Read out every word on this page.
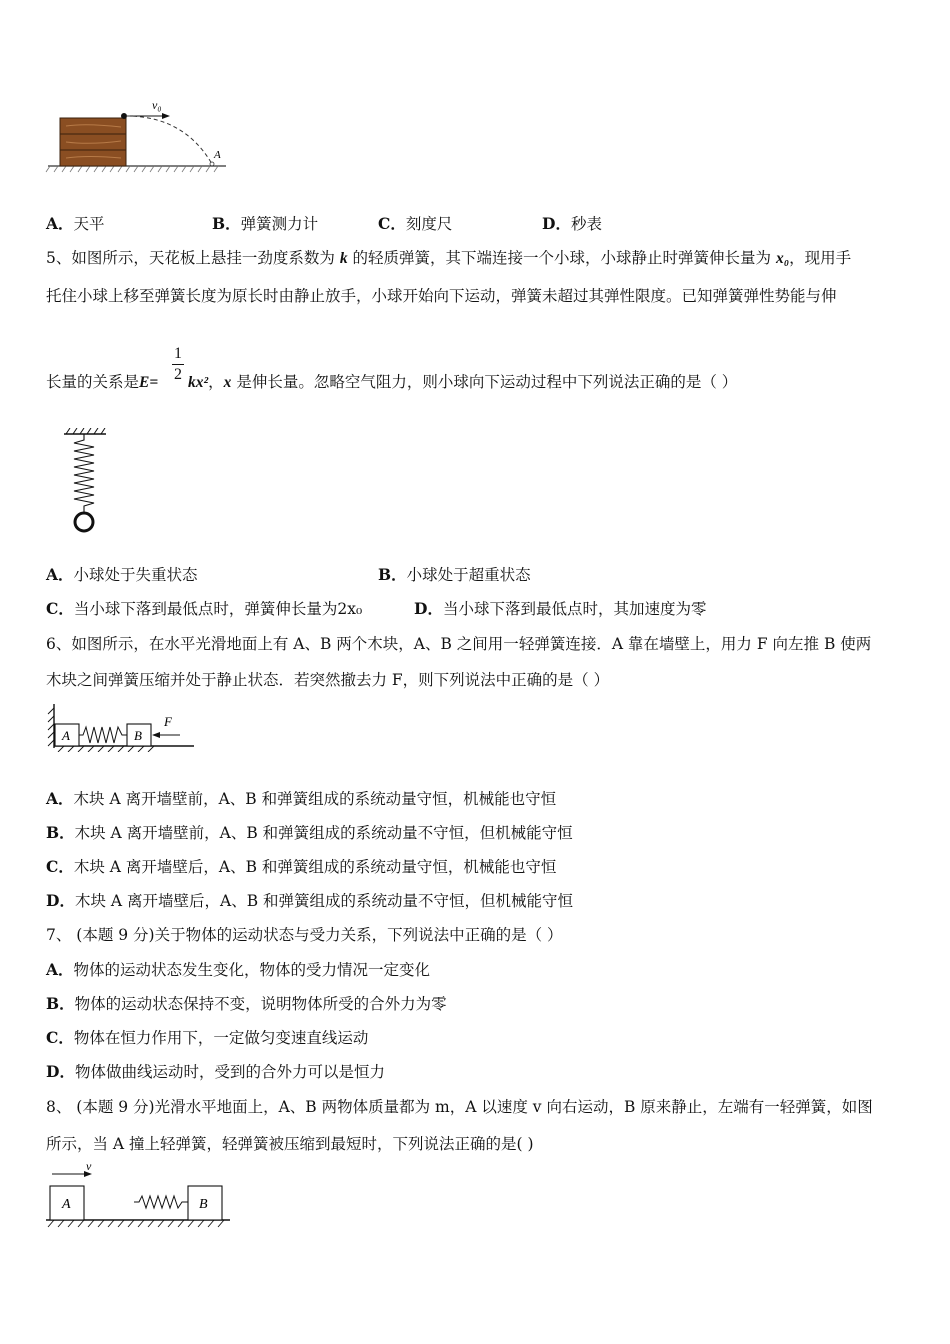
v₀
A
A．天平	B．弹簧测力计	C．刻度尺	D．秒表
5、如图所示，天花板上悬挂一劲度系数为 k 的轻质弹簧，其下端连接一个小球，小球静止时弹簧伸长量为 x₀，现用手
托住小球上移至弹簧长度为原长时由静止放手，小球开始向下运动，弹簧未超过其弹性限度。已知弹簧弹性势能与伸
长量的关系是E=
1
2 kx²，x 是伸长量。忽略空气阻力，则小球向下运动过程中下列说法正确的是（ ）
A．小球处于失重状态	B．小球处于超重状态
C．当小球下落到最低点时，弹簧伸长量为2x₀	D．当小球下落到最低点时，其加速度为零
6、如图所示，在水平光滑地面上有 A、B 两个木块，A、B 之间用一轻弹簧连接．A 靠在墙壁上，用力 F 向左推 B 使两
木块之间弹簧压缩并处于静止状态．若突然撤去力 F，则下列说法中正确的是（ ）
A	B
F
A．木块 A 离开墙壁前，A、B 和弹簧组成的系统动量守恒，机械能也守恒
B．木块 A 离开墙壁前，A、B 和弹簧组成的系统动量不守恒，但机械能守恒
C．木块 A 离开墙壁后，A、B 和弹簧组成的系统动量守恒，机械能也守恒
D．木块 A 离开墙壁后，A、B 和弹簧组成的系统动量不守恒，但机械能守恒
7、 (本题 9 分)关于物体的运动状态与受力关系，下列说法中正确的是（ ）
A．物体的运动状态发生变化，物体的受力情况一定变化
B．物体的运动状态保持不变，说明物体所受的合外力为零
C．物体在恒力作用下，一定做匀变速直线运动
D．物体做曲线运动时，受到的合外力可以是恒力
8、 (本题 9 分)光滑水平地面上，A、B 两物体质量都为 m，A 以速度 v 向右运动，B 原来静止，左端有一轻弹簧，如图
所示，当 A 撞上轻弹簧，轻弹簧被压缩到最短时，下列说法正确的是( )
v
A	B
